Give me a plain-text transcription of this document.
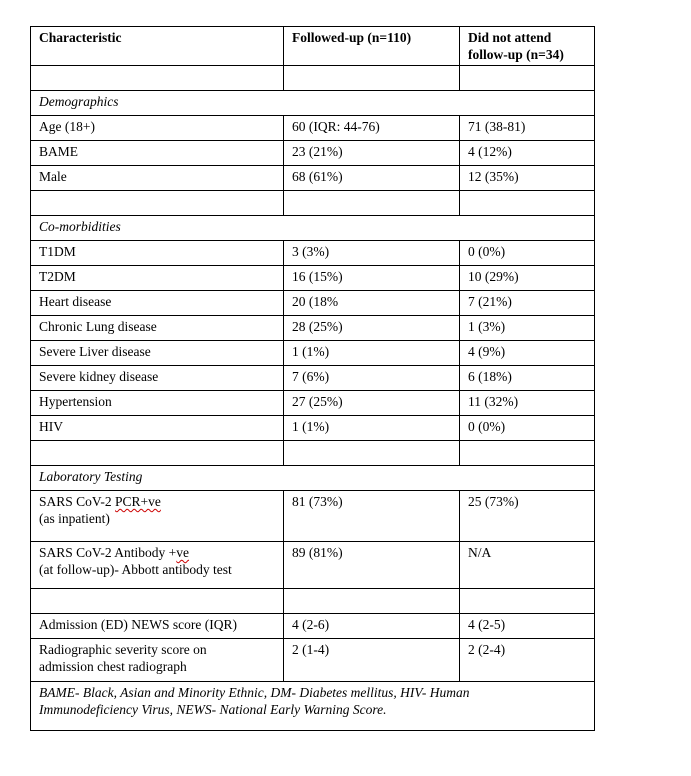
Characteristic	Followed-up (n=110)	Did not attend follow-up (n=34)

Demographics		
Age (18+)	60 (IQR: 44-76)	71 (38-81)
BAME	23 (21%)	4 (12%)
Male	68 (61%)	12 (35%)

Co-morbidities		
T1DM	3 (3%)	0 (0%)
T2DM	16 (15%)	10 (29%)
Heart disease	20 (18%	7 (21%)
Chronic Lung disease	28 (25%)	1 (3%)
Severe Liver disease	1 (1%)	4 (9%)
Severe kidney disease	7 (6%)	6 (18%)
Hypertension	27 (25%)	11 (32%)
HIV	1 (1%)	0 (0%)

Laboratory Testing		
SARS CoV-2 PCR+ve
(as inpatient)	81 (73%)	25 (73%)
SARS CoV-2 Antibody +ve
(at follow-up)- Abbott antibody test	89 (81%)	N/A

Admission (ED) NEWS score (IQR)	4 (2-6)	4 (2-5)
Radiographic severity score on
admission chest radiograph	2 (1-4)	2 (2-4)
BAME- Black, Asian and Minority Ethnic, DM- Diabetes mellitus, HIV- Human
Immunodeficiency Virus, NEWS- National Early Warning Score.		
